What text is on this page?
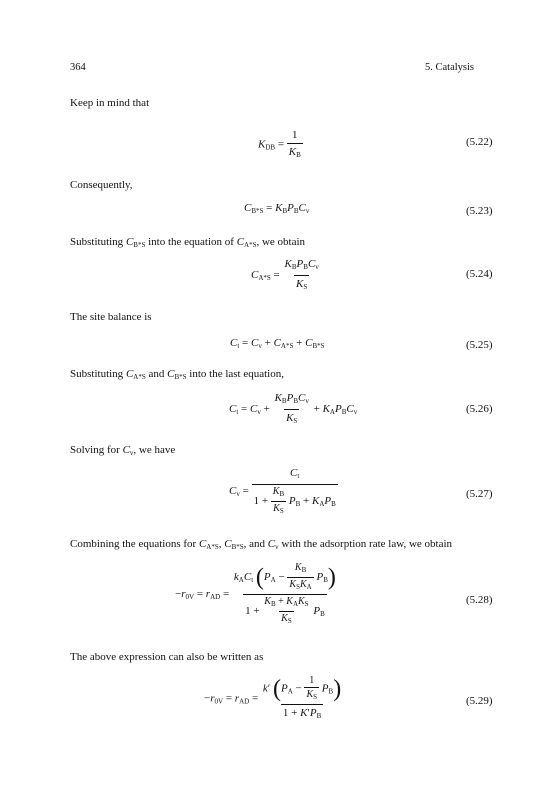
364	5. Catalysis
Keep in mind that
$K_{DB} = \frac{1}{K_B}$	(5.22)
Consequently,
$C_{B*S} = K_BP_BC_v$	(5.23)
Substituting $C_{B*S}$ into the equation of $C_{A*S}$, we obtain
$C_{A*S} = \frac{K_BP_BC_v}{K_S}$	(5.24)
The site balance is
$C_t = C_v + C_{A*S} + C_{B*S}$	(5.25)
Substituting $C_{A*S}$ and $C_{B*S}$ into the last equation,
$C_t = C_v + \frac{K_BP_BC_v}{K_S} + K_AP_BC_v$	(5.26)
Solving for $C_v$, we have
$C_v = \frac{C_t}{1 + \frac{K_B}{K_S} P_B + K_AP_B}$	(5.27)
Combining the equations for $C_{A*S}$, $C_{B*S}$, and $C_v$ with the adsorption rate law, we obtain
$-r_{0V} = r_{AD} = \frac{k_AC_t (P_A - \frac{K_B}{K_SK_A} P_B)}{1 + \frac{K_B + K_AK_S}{K_S} P_B}$	(5.28)
The above expression can also be written as
$-r_{0V} = r_{AD} = \frac{k' (P_A - \frac{1}{K_S} P_B)}{1 + K'P_B}$	(5.29)
